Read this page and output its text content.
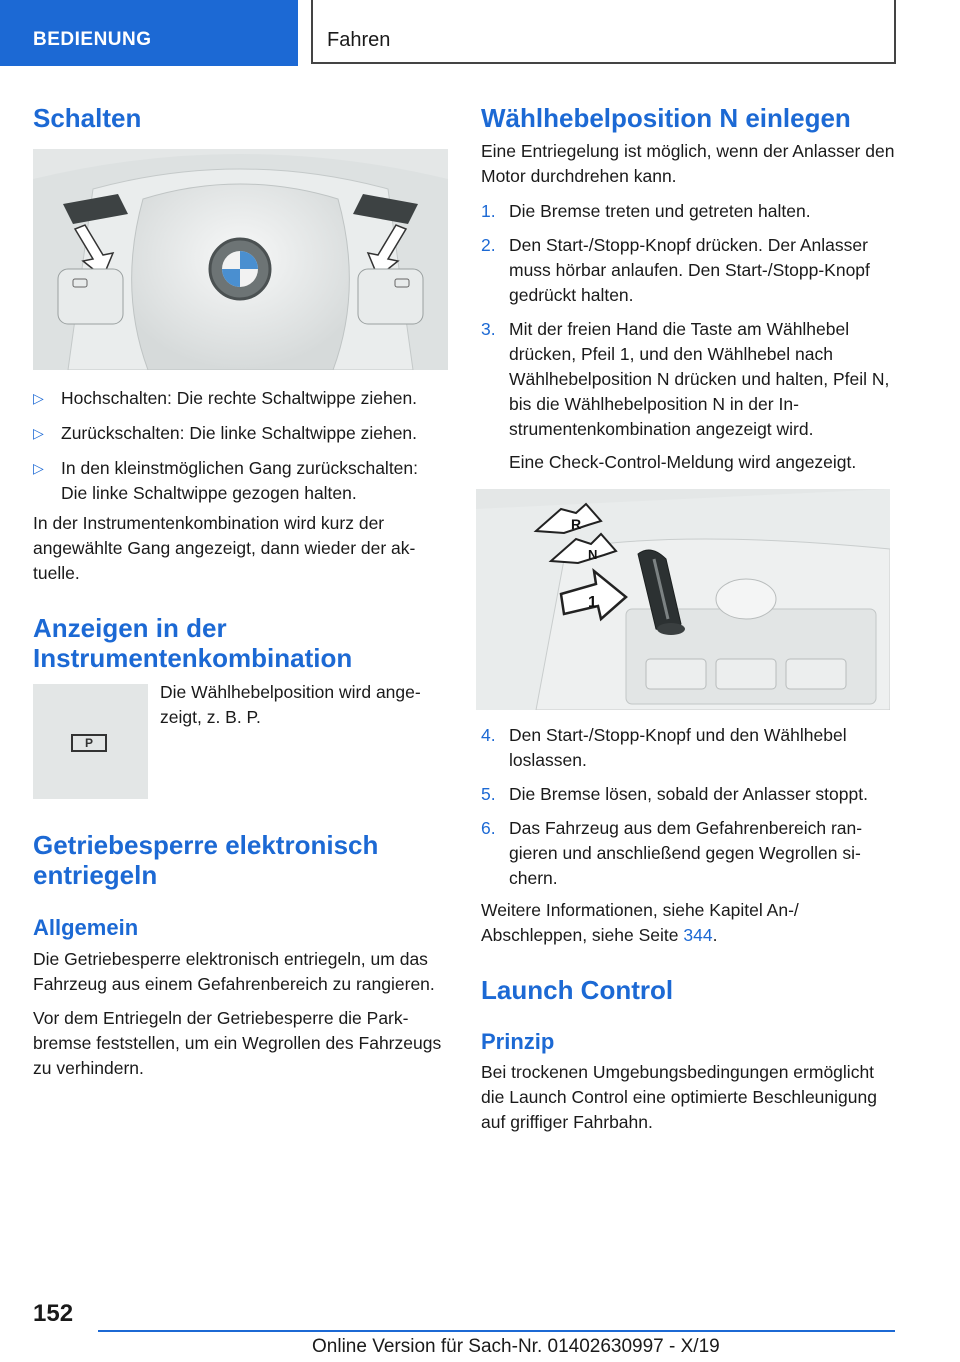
BEDIENUNG	Fahren
Schalten
▷ Hochschalten: Die rechte Schaltwippe ziehen.
▷ Zurückschalten: Die linke Schaltwippe ziehen.
▷ In den kleinstmöglichen Gang zurückschalten: Die linke Schaltwippe gezogen halten.

In der Instrumentenkombination wird kurz der angewählte Gang angezeigt, dann wieder der aktuelle.

Anzeigen in der Instrumentenkombination
P

Die Wählhebelposition wird angezeigt, z. B. P.

Getriebesperre elektronisch entriegeln
Allgemein

Die Getriebesperre elektronisch entriegeln, um das Fahrzeug aus einem Gefahrenbereich zu rangieren.

Vor dem Entriegeln der Getriebesperre die Parkbremse feststellen, um ein Wegrollen des Fahrzeugs zu verhindern.

Wählhebelposition N einlegen

Eine Entriegelung ist möglich, wenn der Anlasser den Motor durchdrehen kann.

1. Die Bremse treten und getreten halten.
2. Den Start-/Stopp-Knopf drücken. Der Anlasser muss hörbar anlaufen. Den Start-/Stopp-Knopf gedrückt halten.
3. Mit der freien Hand die Taste am Wählhebel drücken, Pfeil 1, und den Wählhebel nach Wählhebelposition N drücken und halten, Pfeil N, bis die Wählhebelposition N in der Instrumentenkombination angezeigt wird.
Eine Check-Control-Meldung wird angezeigt.
R
N
1
4. Den Start-/Stopp-Knopf und den Wählhebel loslassen.
5. Die Bremse lösen, sobald der Anlasser stoppt.
6. Das Fahrzeug aus dem Gefahrenbereich rangieren und anschließend gegen Wegrollen sichern.

Weitere Informationen, siehe Kapitel An-/ Abschleppen, siehe Seite 344.

Launch Control
Prinzip

Bei trockenen Umgebungsbedingungen ermöglicht die Launch Control eine optimierte Beschleunigung auf griffiger Fahrbahn.

152
Online Version für Sach-Nr. 01402630997 - X/19
